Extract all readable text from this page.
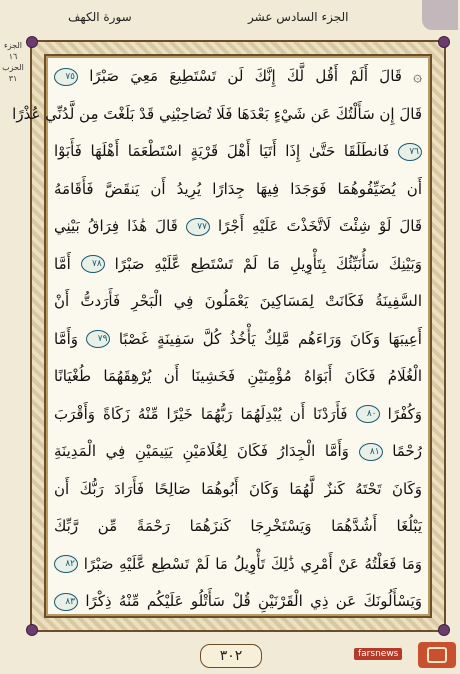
الجزء السادس عشر
سورة الكهف
الجزء ١٦
الحزب ٣١	۞ قَالَ أَلَمْ أَقُل لَّكَ إِنَّكَ لَن تَسْتَطِيعَ مَعِيَ صَبْرًا ٧٥
قَالَ إِن سَأَلْتُكَ عَن شَيْءٍ بَعْدَهَا فَلَا تُصَاحِبْنِي قَدْ بَلَغْتَ مِن لَّدُنِّي عُذْرًا
٧٦ فَانطَلَقَا حَتَّىٰ إِذَا أَتَيَا أَهْلَ قَرْيَةٍ اسْتَطْعَمَا أَهْلَهَا فَأَبَوْا
أَن يُضَيِّفُوهُمَا فَوَجَدَا فِيهَا جِدَارًا يُرِيدُ أَن يَنقَضَّ فَأَقَامَهُ
قَالَ لَوْ شِئْتَ لَاتَّخَذْتَ عَلَيْهِ أَجْرًا ٧٧ قَالَ هَٰذَا فِرَاقُ بَيْنِي
وَبَيْنِكَ سَأُنَبِّئُكَ بِتَأْوِيلِ مَا لَمْ تَسْتَطِع عَّلَيْهِ صَبْرًا ٧٨ أَمَّا
السَّفِينَةُ فَكَانَتْ لِمَسَاكِينَ يَعْمَلُونَ فِي الْبَحْرِ فَأَرَدتُّ أَنْ
أَعِيبَهَا وَكَانَ وَرَاءَهُم مَّلِكٌ يَأْخُذُ كُلَّ سَفِينَةٍ غَصْبًا ٧٩ وَأَمَّا
الْغُلَامُ فَكَانَ أَبَوَاهُ مُؤْمِنَيْنِ فَخَشِينَا أَن يُرْهِقَهُمَا طُغْيَانًا
وَكُفْرًا ٨٠ فَأَرَدْنَا أَن يُبْدِلَهُمَا رَبُّهُمَا خَيْرًا مِّنْهُ زَكَاةً وَأَقْرَبَ
رُحْمًا ٨١ وَأَمَّا الْجِدَارُ فَكَانَ لِغُلَامَيْنِ يَتِيمَيْنِ فِي الْمَدِينَةِ
وَكَانَ تَحْتَهُ كَنزٌ لَّهُمَا وَكَانَ أَبُوهُمَا صَالِحًا فَأَرَادَ رَبُّكَ أَن
يَبْلُغَا أَشُدَّهُمَا وَيَسْتَخْرِجَا كَنزَهُمَا رَحْمَةً مِّن رَّبِّكَ
وَمَا فَعَلْتُهُ عَنْ أَمْرِي ذَٰلِكَ تَأْوِيلُ مَا لَمْ تَسْطِع عَّلَيْهِ صَبْرًا ٨٢
وَيَسْأَلُونَكَ عَن ذِي الْقَرْنَيْنِ قُلْ سَأَتْلُو عَلَيْكُم مِّنْهُ ذِكْرًا ٨٣
٣٠٢	farsnews
